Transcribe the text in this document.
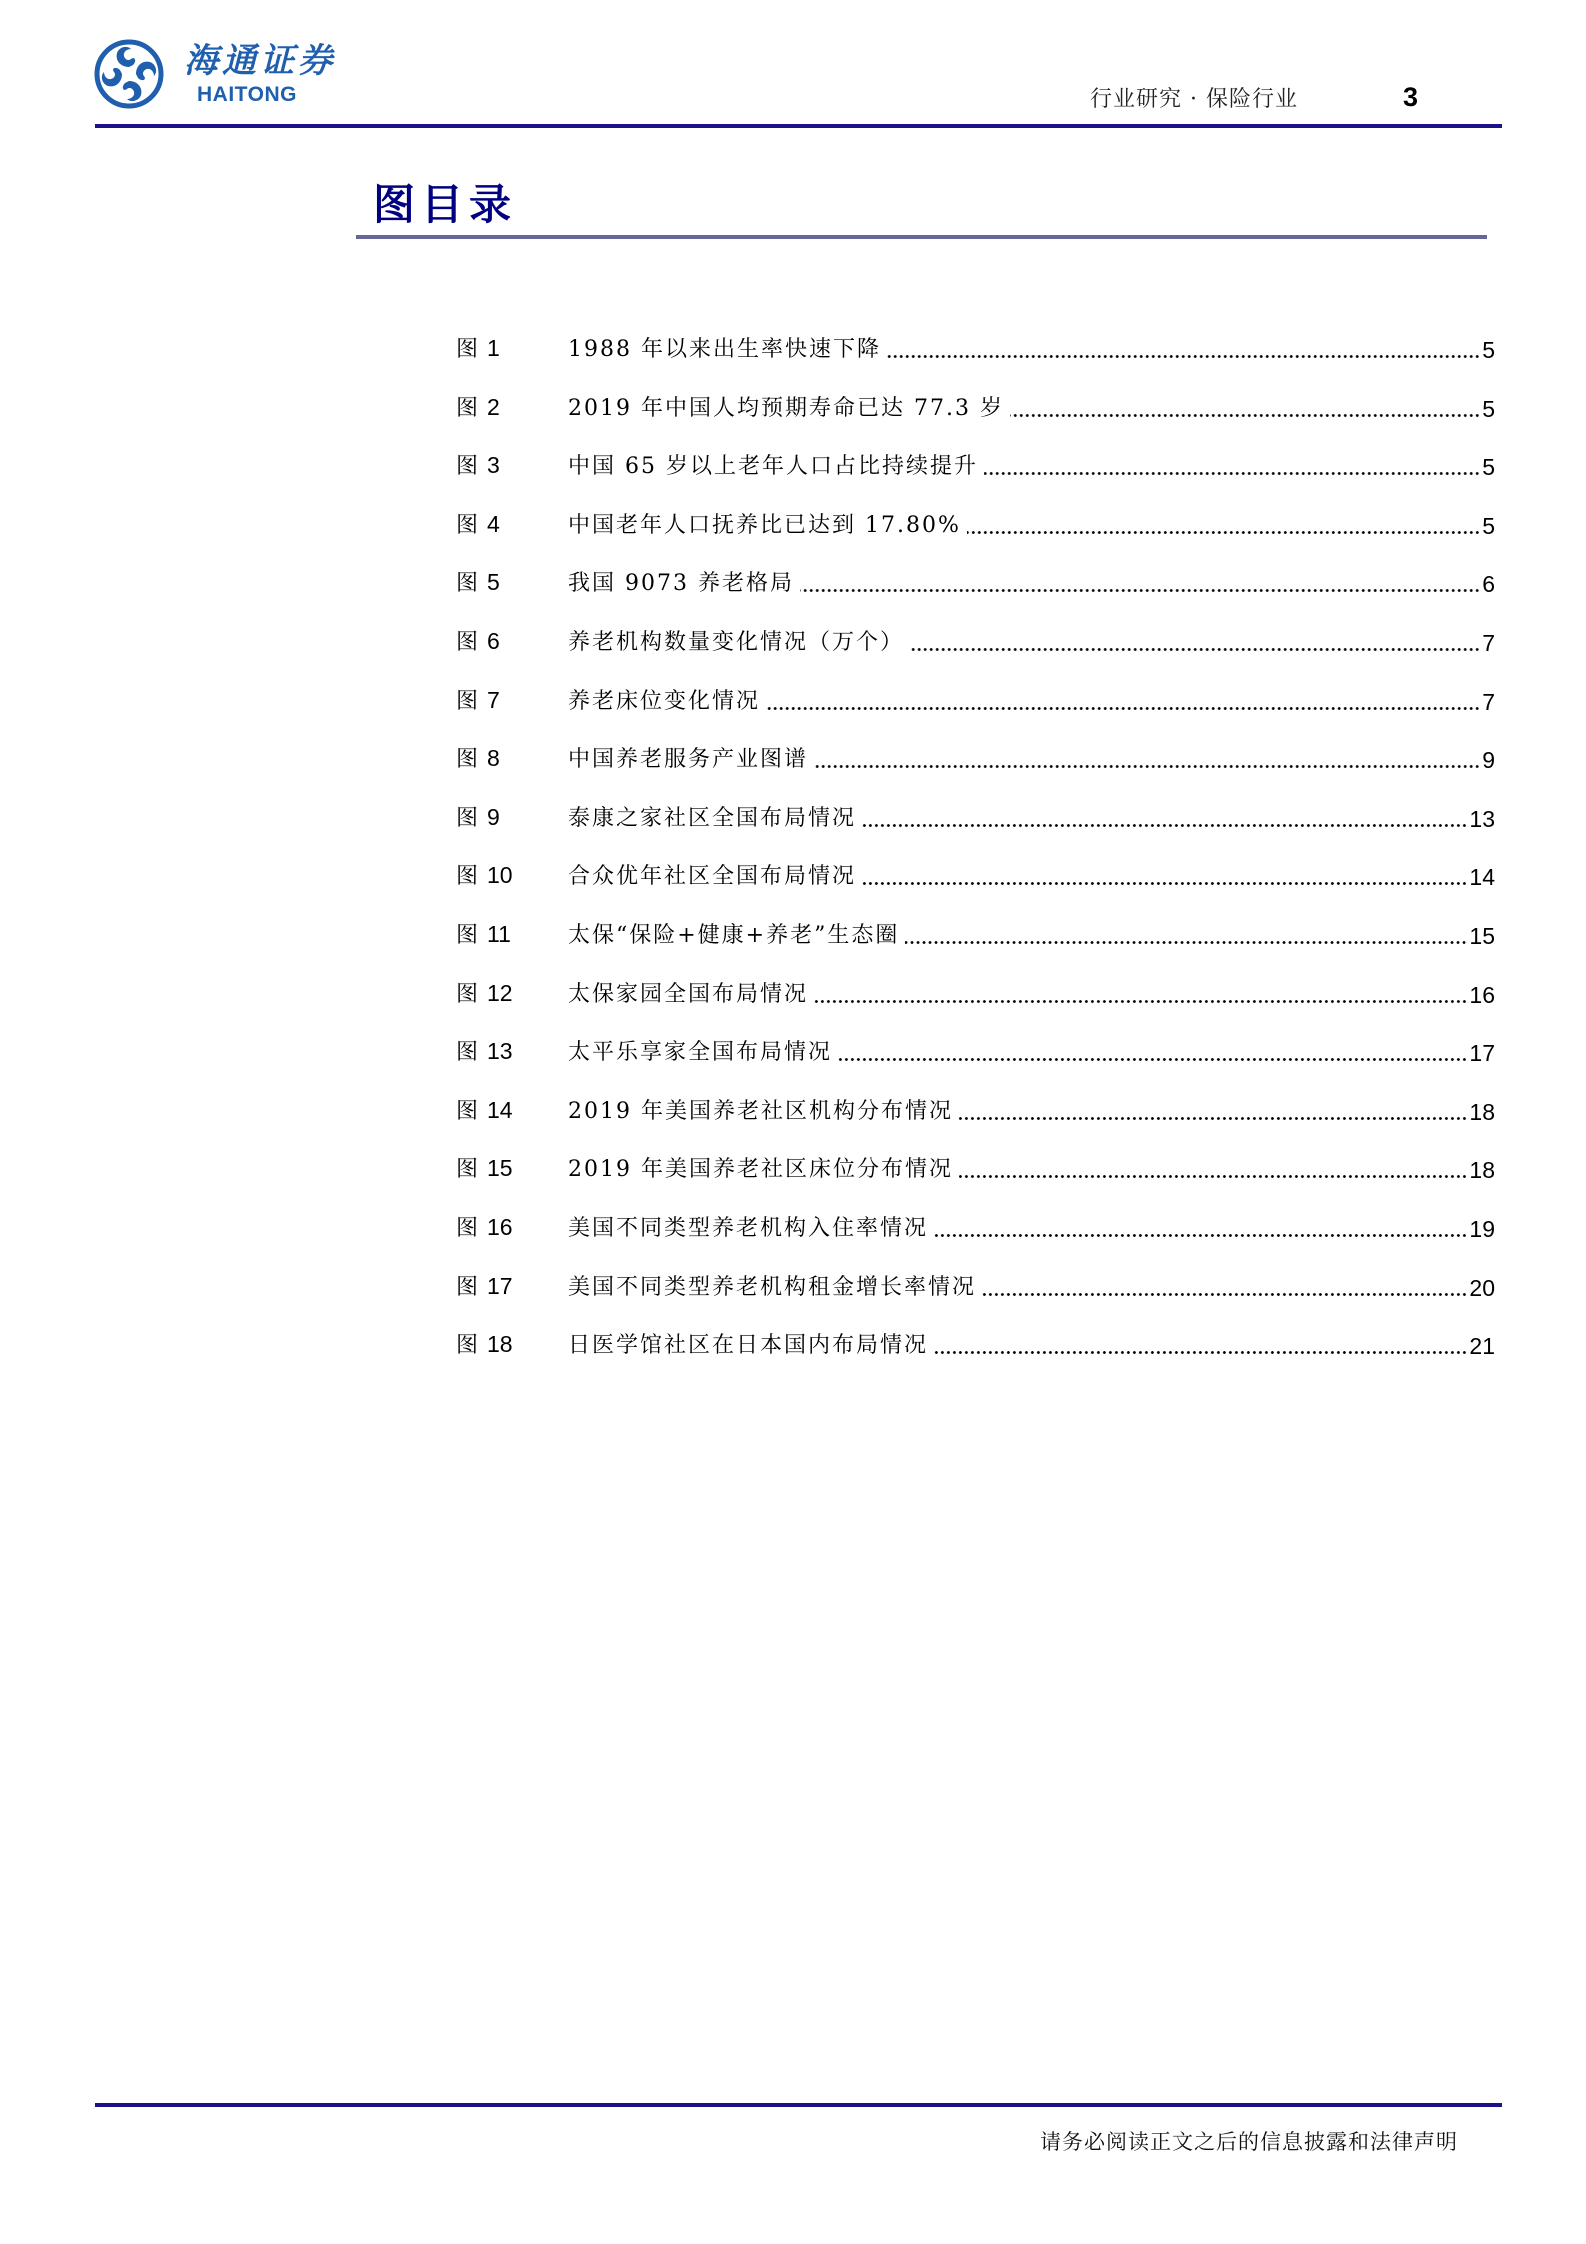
海通证券
HAITONG	行业研究 · 保险行业	3
图目录
图 1	1988 年以来出生率快速下降	5
图 2	2019 年中国人均预期寿命已达 77.3 岁	5
图 3	中国 65 岁以上老年人口占比持续提升	5
图 4	中国老年人口抚养比已达到 17.80%	5
图 5	我国 9073 养老格局	6
图 6	养老机构数量变化情况（万个）	7
图 7	养老床位变化情况	7
图 8	中国养老服务产业图谱	9
图 9	泰康之家社区全国布局情况	13
图 10	合众优年社区全国布局情况	14
图 11	太保“保险+健康+养老”生态圈	15
图 12	太保家园全国布局情况	16
图 13	太平乐享家全国布局情况	17
图 14	2019 年美国养老社区机构分布情况	18
图 15	2019 年美国养老社区床位分布情况	18
图 16	美国不同类型养老机构入住率情况	19
图 17	美国不同类型养老机构租金增长率情况	20
图 18	日医学馆社区在日本国内布局情况	21
请务必阅读正文之后的信息披露和法律声明
